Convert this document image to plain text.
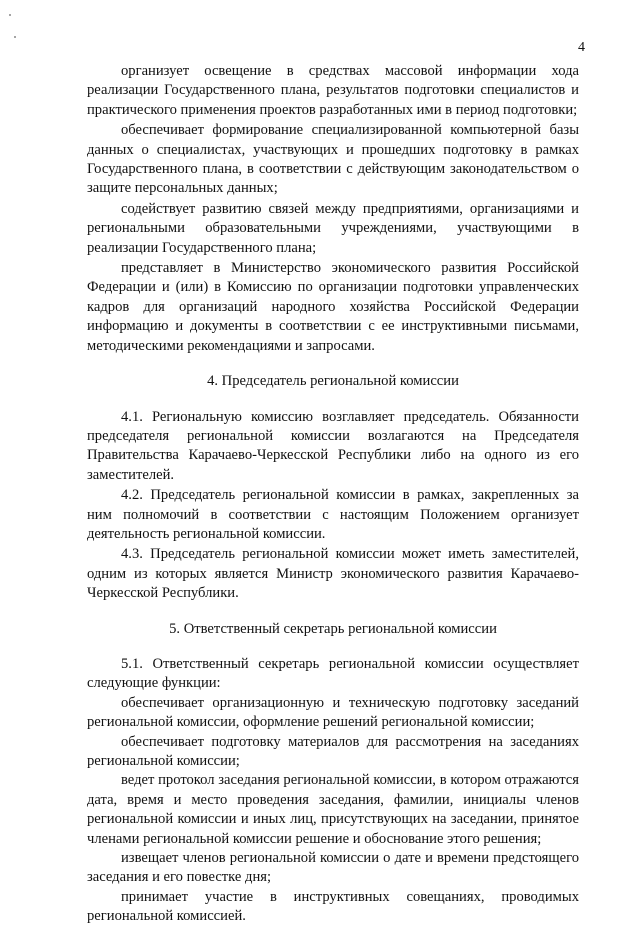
4

организует освещение в средствах массовой информации хода реализации Государственного плана, результатов подготовки специалистов и практического применения проектов разработанных ими в период подготовки;

обеспечивает формирование специализированной компьютерной базы данных о специалистах, участвующих и прошедших подготовку в рамках Государственного плана, в соответствии с действующим законодательством о защите персональных данных;

содействует развитию связей между предприятиями, организациями и региональными образовательными учреждениями, участвующими в реализации Государственного плана;

представляет в Министерство экономического развития Российской Федерации и (или) в Комиссию по организации подготовки управленческих кадров для организаций народного хозяйства Российской Федерации информацию и документы в соответствии с ее инструктивными письмами, методическими рекомендациями и запросами.

4. Председатель региональной комиссии

4.1. Региональную комиссию возглавляет председатель. Обязанности председателя региональной комиссии возлагаются на Председателя Правительства Карачаево-Черкесской Республики либо на одного из его заместителей.

4.2. Председатель региональной комиссии в рамках, закрепленных за ним полномочий в соответствии с настоящим Положением организует деятельность региональной комиссии.

4.3. Председатель региональной комиссии может иметь заместителей, одним из которых является Министр экономического развития Карачаево-Черкесской Республики.

5. Ответственный секретарь региональной комиссии

5.1. Ответственный секретарь региональной комиссии осуществляет следующие функции:

обеспечивает организационную и техническую подготовку заседаний региональной комиссии, оформление решений региональной комиссии;

обеспечивает подготовку материалов для рассмотрения на заседаниях региональной комиссии;

ведет протокол заседания региональной комиссии, в котором отражаются дата, время и место проведения заседания, фамилии, инициалы членов региональной комиссии и иных лиц, присутствующих на заседании, принятое членами региональной комиссии решение и обоснование этого решения;

извещает членов региональной комиссии о дате и времени предстоящего заседания и его повестке дня;

принимает участие в инструктивных совещаниях, проводимых региональной комиссией.
